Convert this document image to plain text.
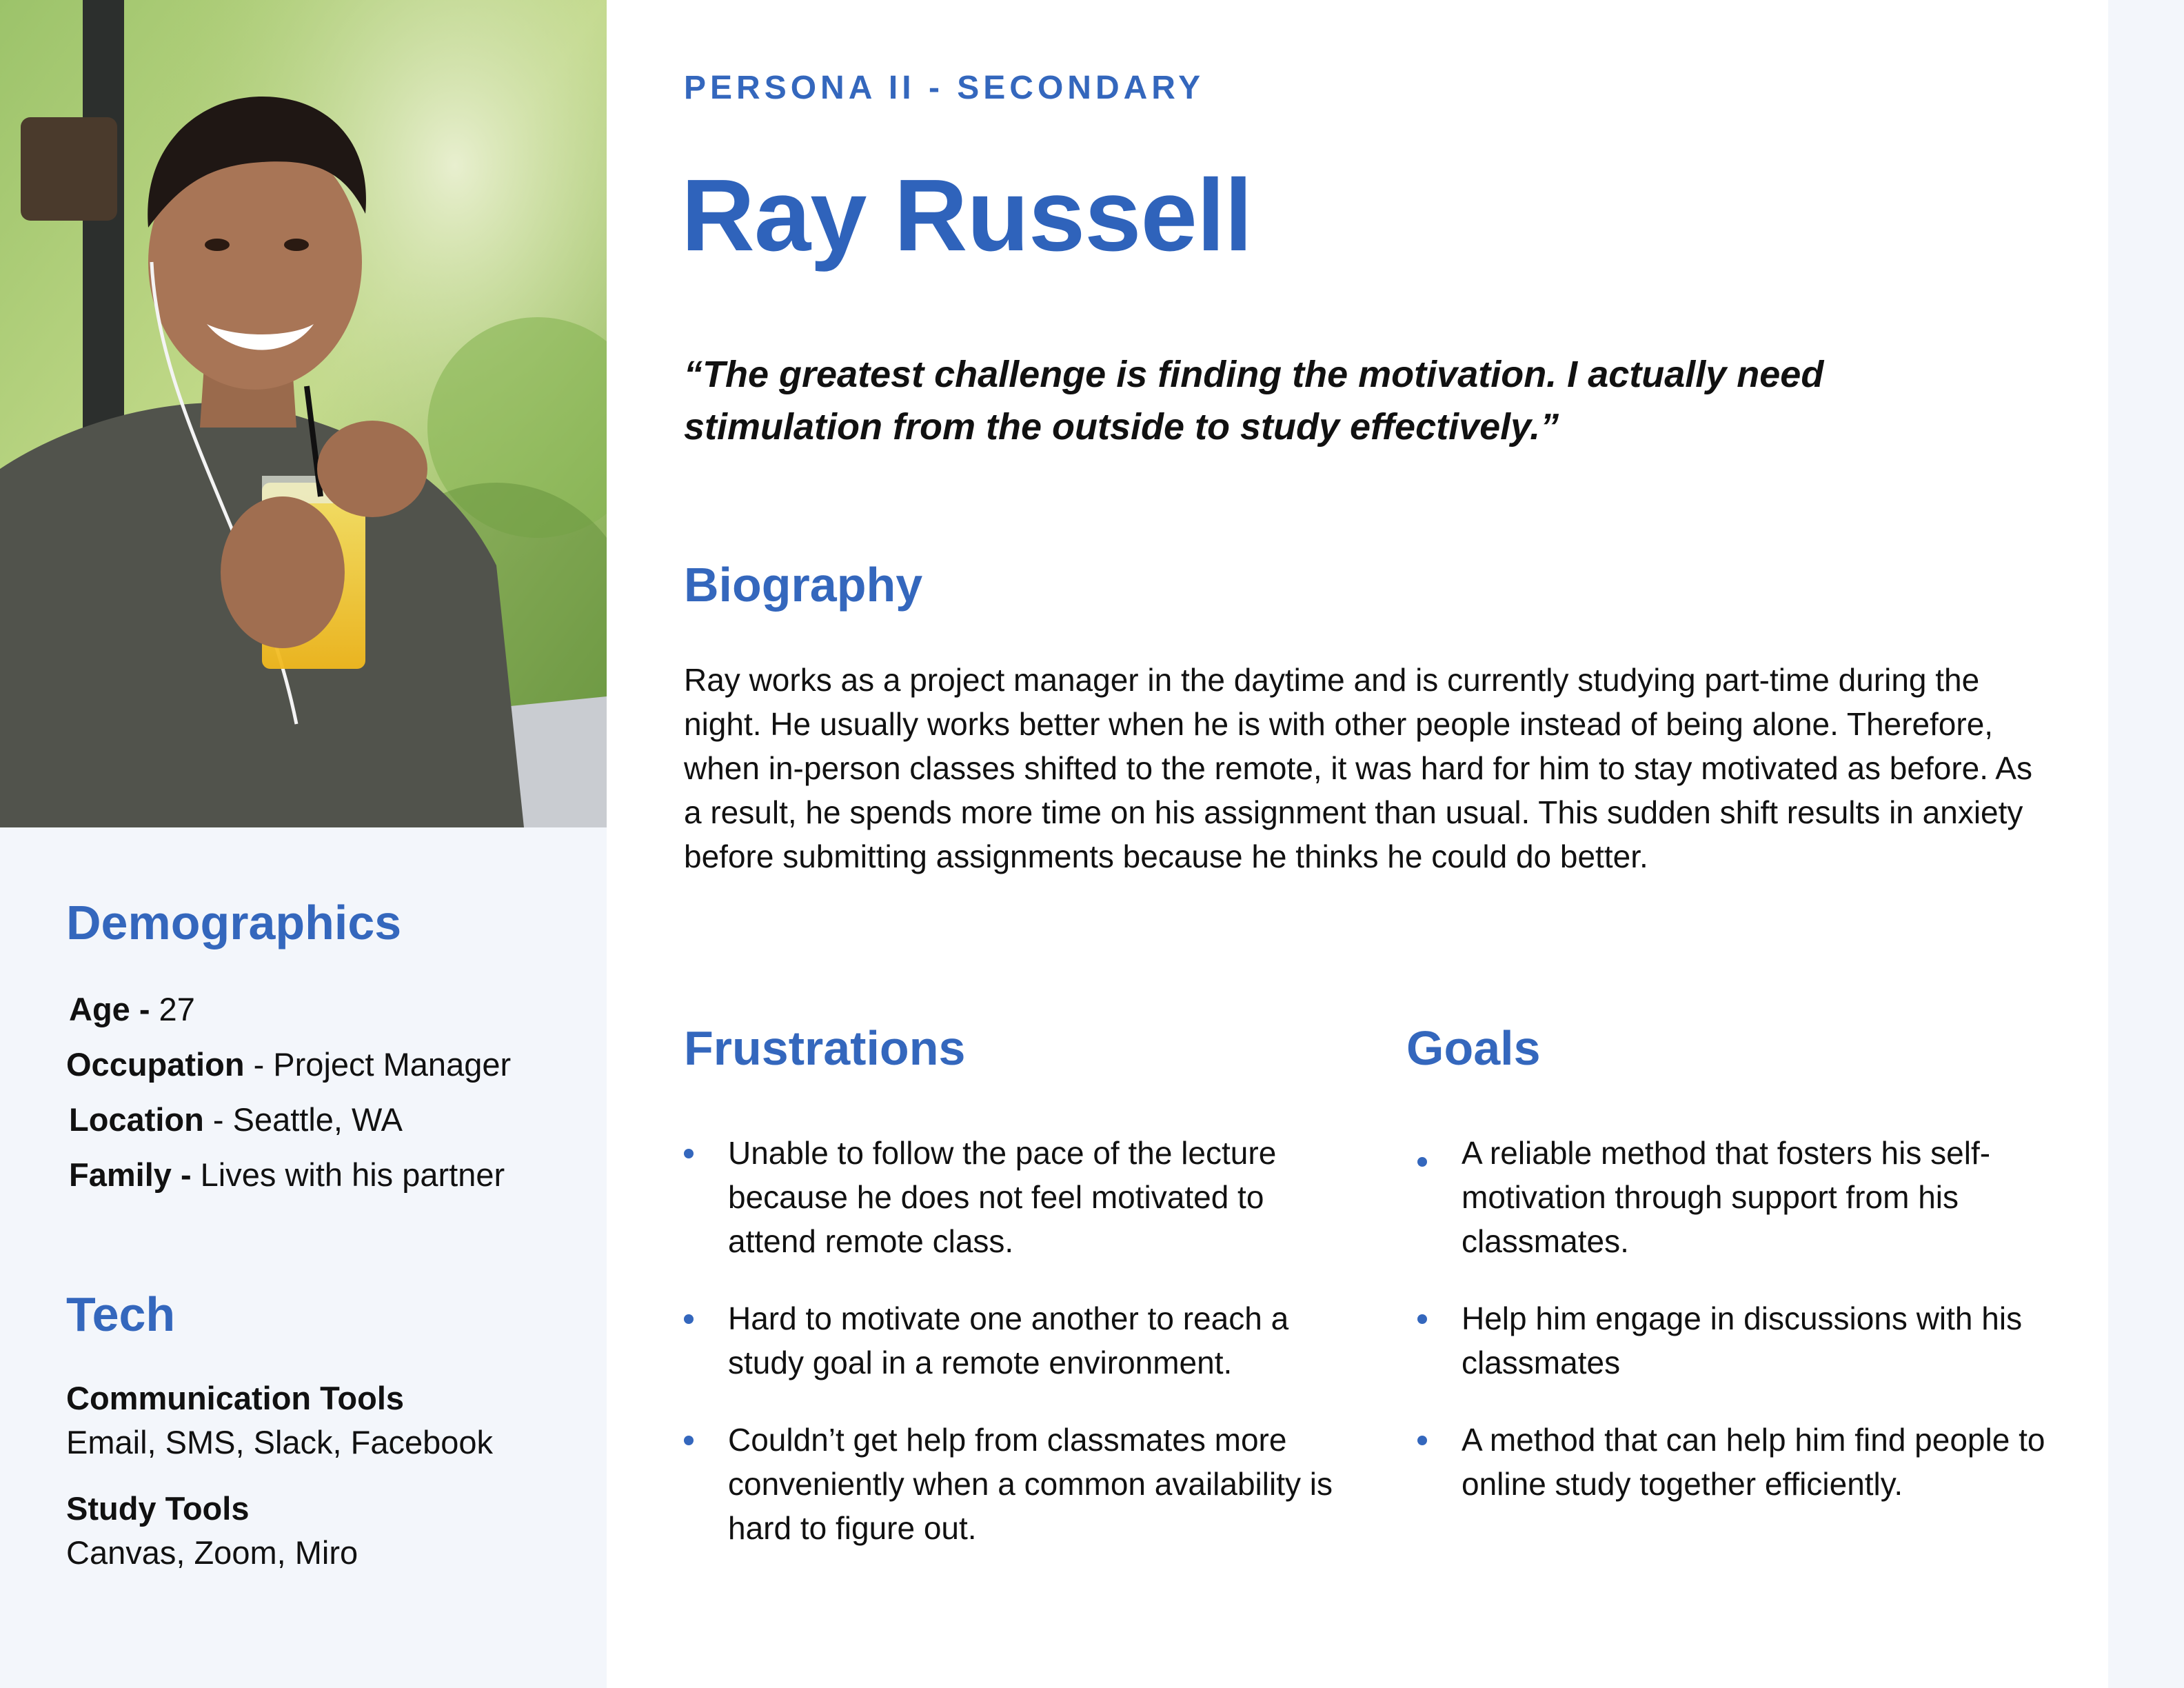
Demographics
Age - 27
Occupation - Project Manager
Location - Seattle, WA
Family - Lives with his partner
Tech
Communication Tools
Email, SMS, Slack, Facebook
Study Tools
Canvas, Zoom, Miro
PERSONA II - SECONDARY
Ray Russell
“The greatest challenge is finding the motivation. I actually need stimulation from the outside to study effectively.”
Biography
Ray works as a project manager in the daytime and is currently studying part-time during the night. He usually works better when he is with other people instead of being alone. Therefore, when in-person classes shifted to the remote, it was hard for him to stay motivated as before. As a result, he spends more time on his assignment than usual. This sudden shift results in anxiety before submitting assignments because he thinks he could do better.
Frustrations
Unable to follow the pace of the lecture because he does not feel motivated to attend remote class.
Hard to motivate one another to reach a study goal in a remote environment.
Couldn’t get help from classmates more conveniently when a common availability is hard to figure out.
Goals
A reliable method that fosters his self-motivation through support from his classmates.
Help him engage in discussions with his classmates
A method that can help him find people to online study together efficiently.
